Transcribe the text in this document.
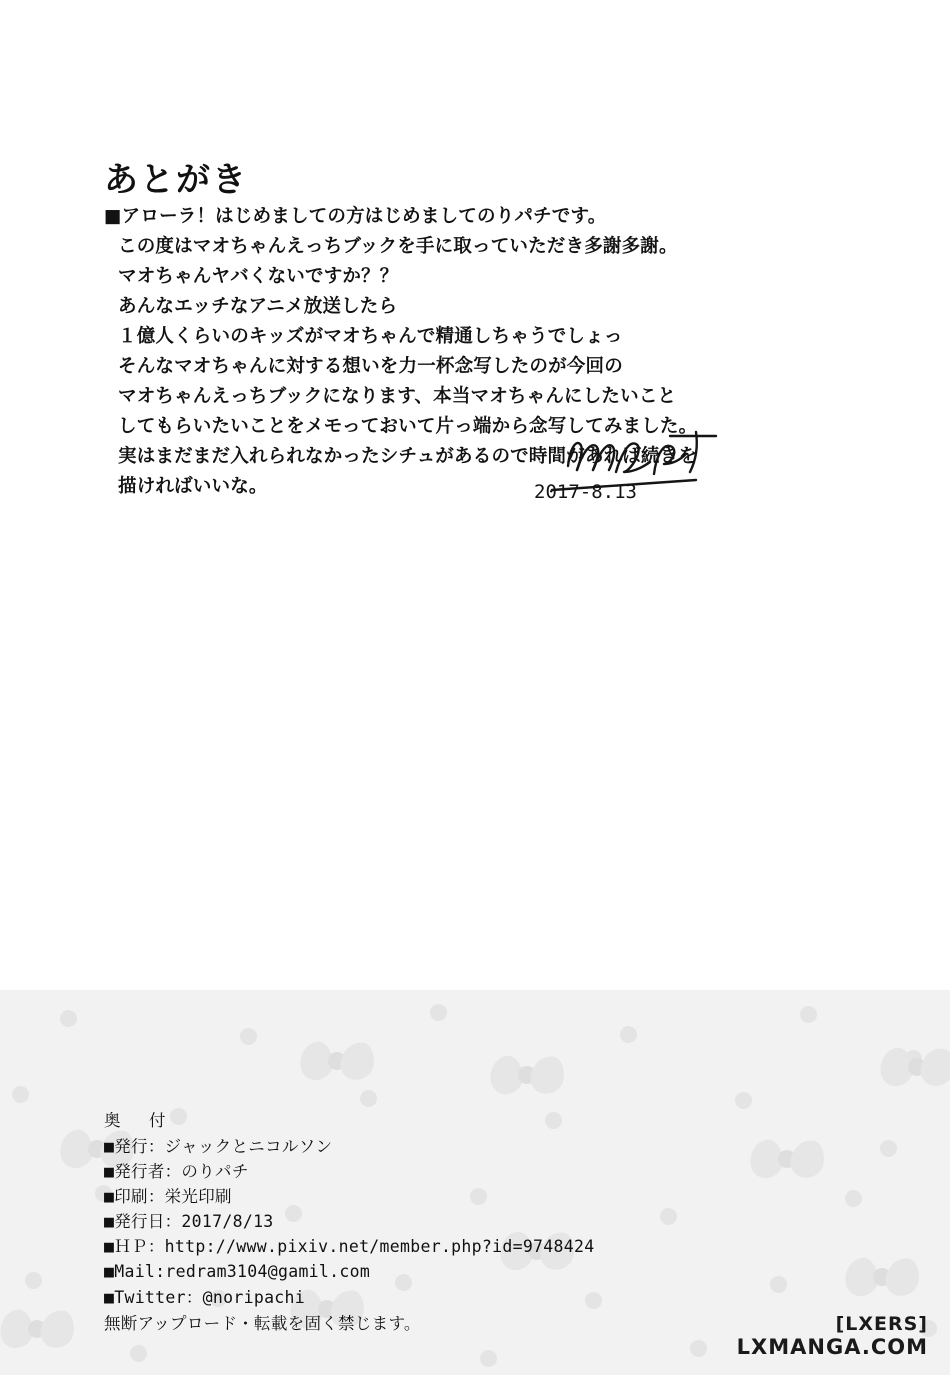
あとがき
■アローラ！はじめましての方はじめましてのりパチです。
この度はマオちゃんえっちブックを手に取っていただき多謝多謝。
マオちゃんヤバくないですか？？
あんなエッチなアニメ放送したら
１億人くらいのキッズがマオちゃんで精通しちゃうでしょっ
そんなマオちゃんに対する想いを力一杯念写したのが今回の
マオちゃんえっちブックになります、本当マオちゃんにしたいこと
してもらいたいことをメモっておいて片っ端から念写してみました。
実はまだまだ入れられなかったシチュがあるので時間があれば続きを
描ければいいな。	2017-8.13
奥　付
■発行：ジャックとニコルソン
■発行者：のりパチ
■印刷：栄光印刷
■発行日：2017/8/13
■ＨＰ：http://www.pixiv.net/member.php?id=9748424
■Mail:redram3104@gamil.com
■Twitter：@noripachi
無断アップロード・転載を固く禁じます。	[LXERS]
LXMANGA.COM
